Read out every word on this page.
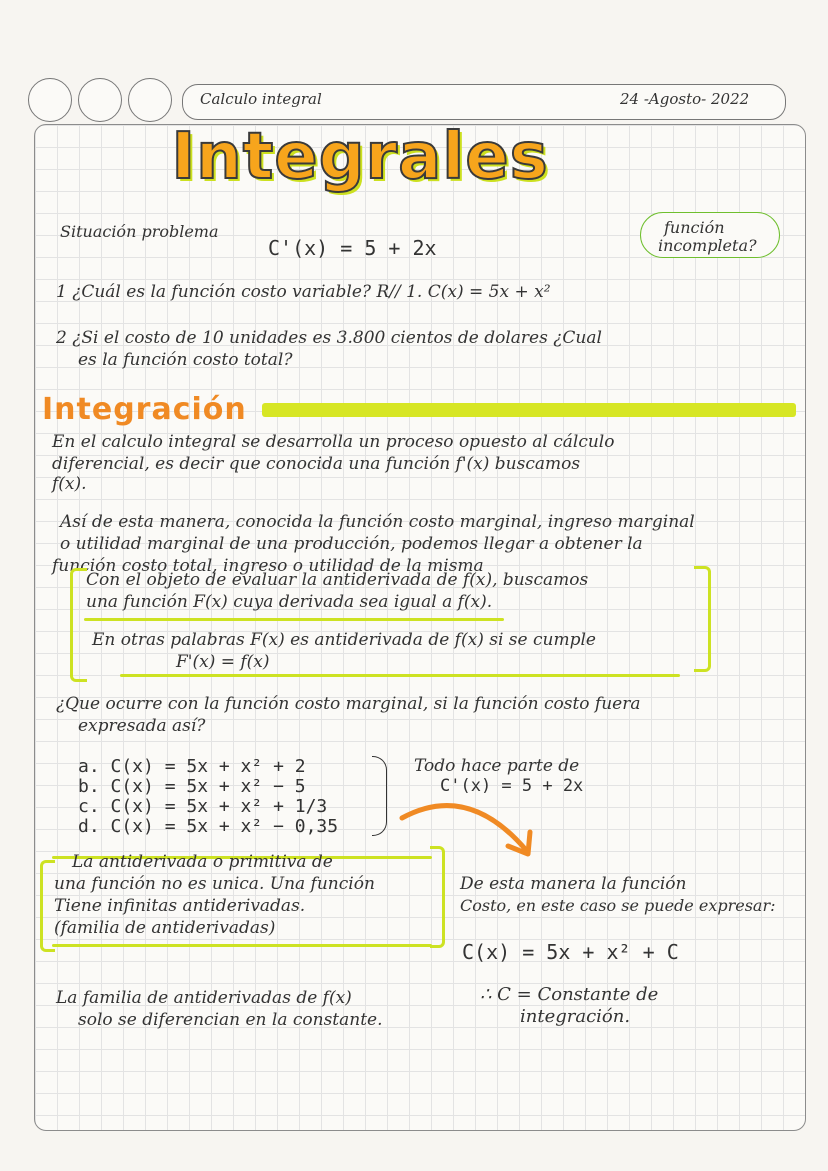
Calculo integral	24 -Agosto- 2022
Integrales
Situación problema
C'(x) = 5 + 2x
función
incompleta?
1 ¿Cuál es la función costo variable? R// 1. C(x) = 5x + x²
2 ¿Si el costo de 10 unidades es 3.800 cientos de dolares ¿Cual
es la función costo total?
Integración
En el calculo integral se desarrolla un proceso opuesto al cálculo
diferencial, es decir que conocida una función f'(x) buscamos
f(x).
Así de esta manera, conocida la función costo marginal, ingreso marginal
o utilidad marginal de una producción, podemos llegar a obtener la
función costo total, ingreso o utilidad de la misma
Con el objeto de evaluar la antiderivada de f(x), buscamos
una función F(x) cuya derivada sea igual a f(x).
En otras palabras F(x) es antiderivada de f(x) si se cumple
F'(x) = f(x)
¿Que ocurre con la función costo marginal, si la función costo fuera
expresada así?
a. C(x) = 5x + x² + 2
b. C(x) = 5x + x² − 5
c. C(x) = 5x + x² + 1/3
d. C(x) = 5x + x² − 0,35
Todo hace parte de
C'(x) = 5 + 2x
La antiderivada o primitiva de
una función no es unica. Una función
Tiene infinitas antiderivadas.
(familia de antiderivadas)
De esta manera la función
Costo, en este caso se puede expresar:
C(x) = 5x + x² + C
∴ C = Constante de
integración.
La familia de antiderivadas de f(x)
solo se diferencian en la constante.
